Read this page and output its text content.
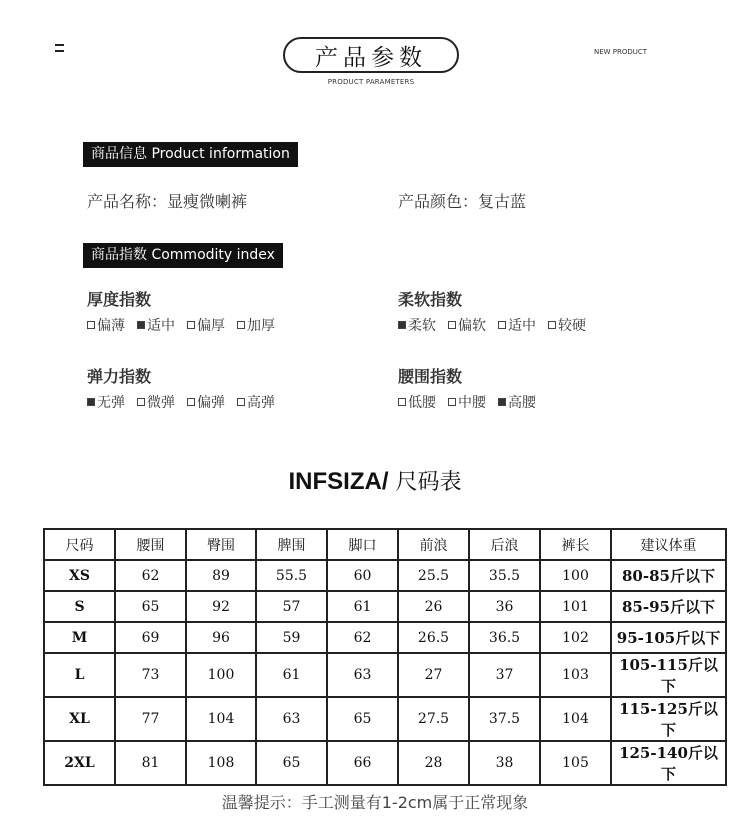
产品参数
PRODUCT PARAMETERS
NEW PRODUCT
商品信息 Product information
产品名称：显瘦微喇裤	产品颜色：复古蓝
商品指数 Commodity index
厚度指数
偏薄 适中 偏厚 加厚
柔软指数
柔软 偏软 适中 较硬
弹力指数
无弹 微弹 偏弹 高弹
腰围指数
低腰 中腰 高腰
INFSIZA/ 尺码表
尺码	腰围	臀围	脾围	脚口	前浪	后浪	裤长	建议体重
XS	62	89	55.5	60	25.5	35.5	100	80-85斤以下
S	65	92	57	61	26	36	101	85-95斤以下
M	69	96	59	62	26.5	36.5	102	95-105斤以下
L	73	100	61	63	27	37	103	105-115斤以下
XL	77	104	63	65	27.5	37.5	104	115-125斤以下
2XL	81	108	65	66	28	38	105	125-140斤以下
温馨提示：手工测量有1-2cm属于正常现象
